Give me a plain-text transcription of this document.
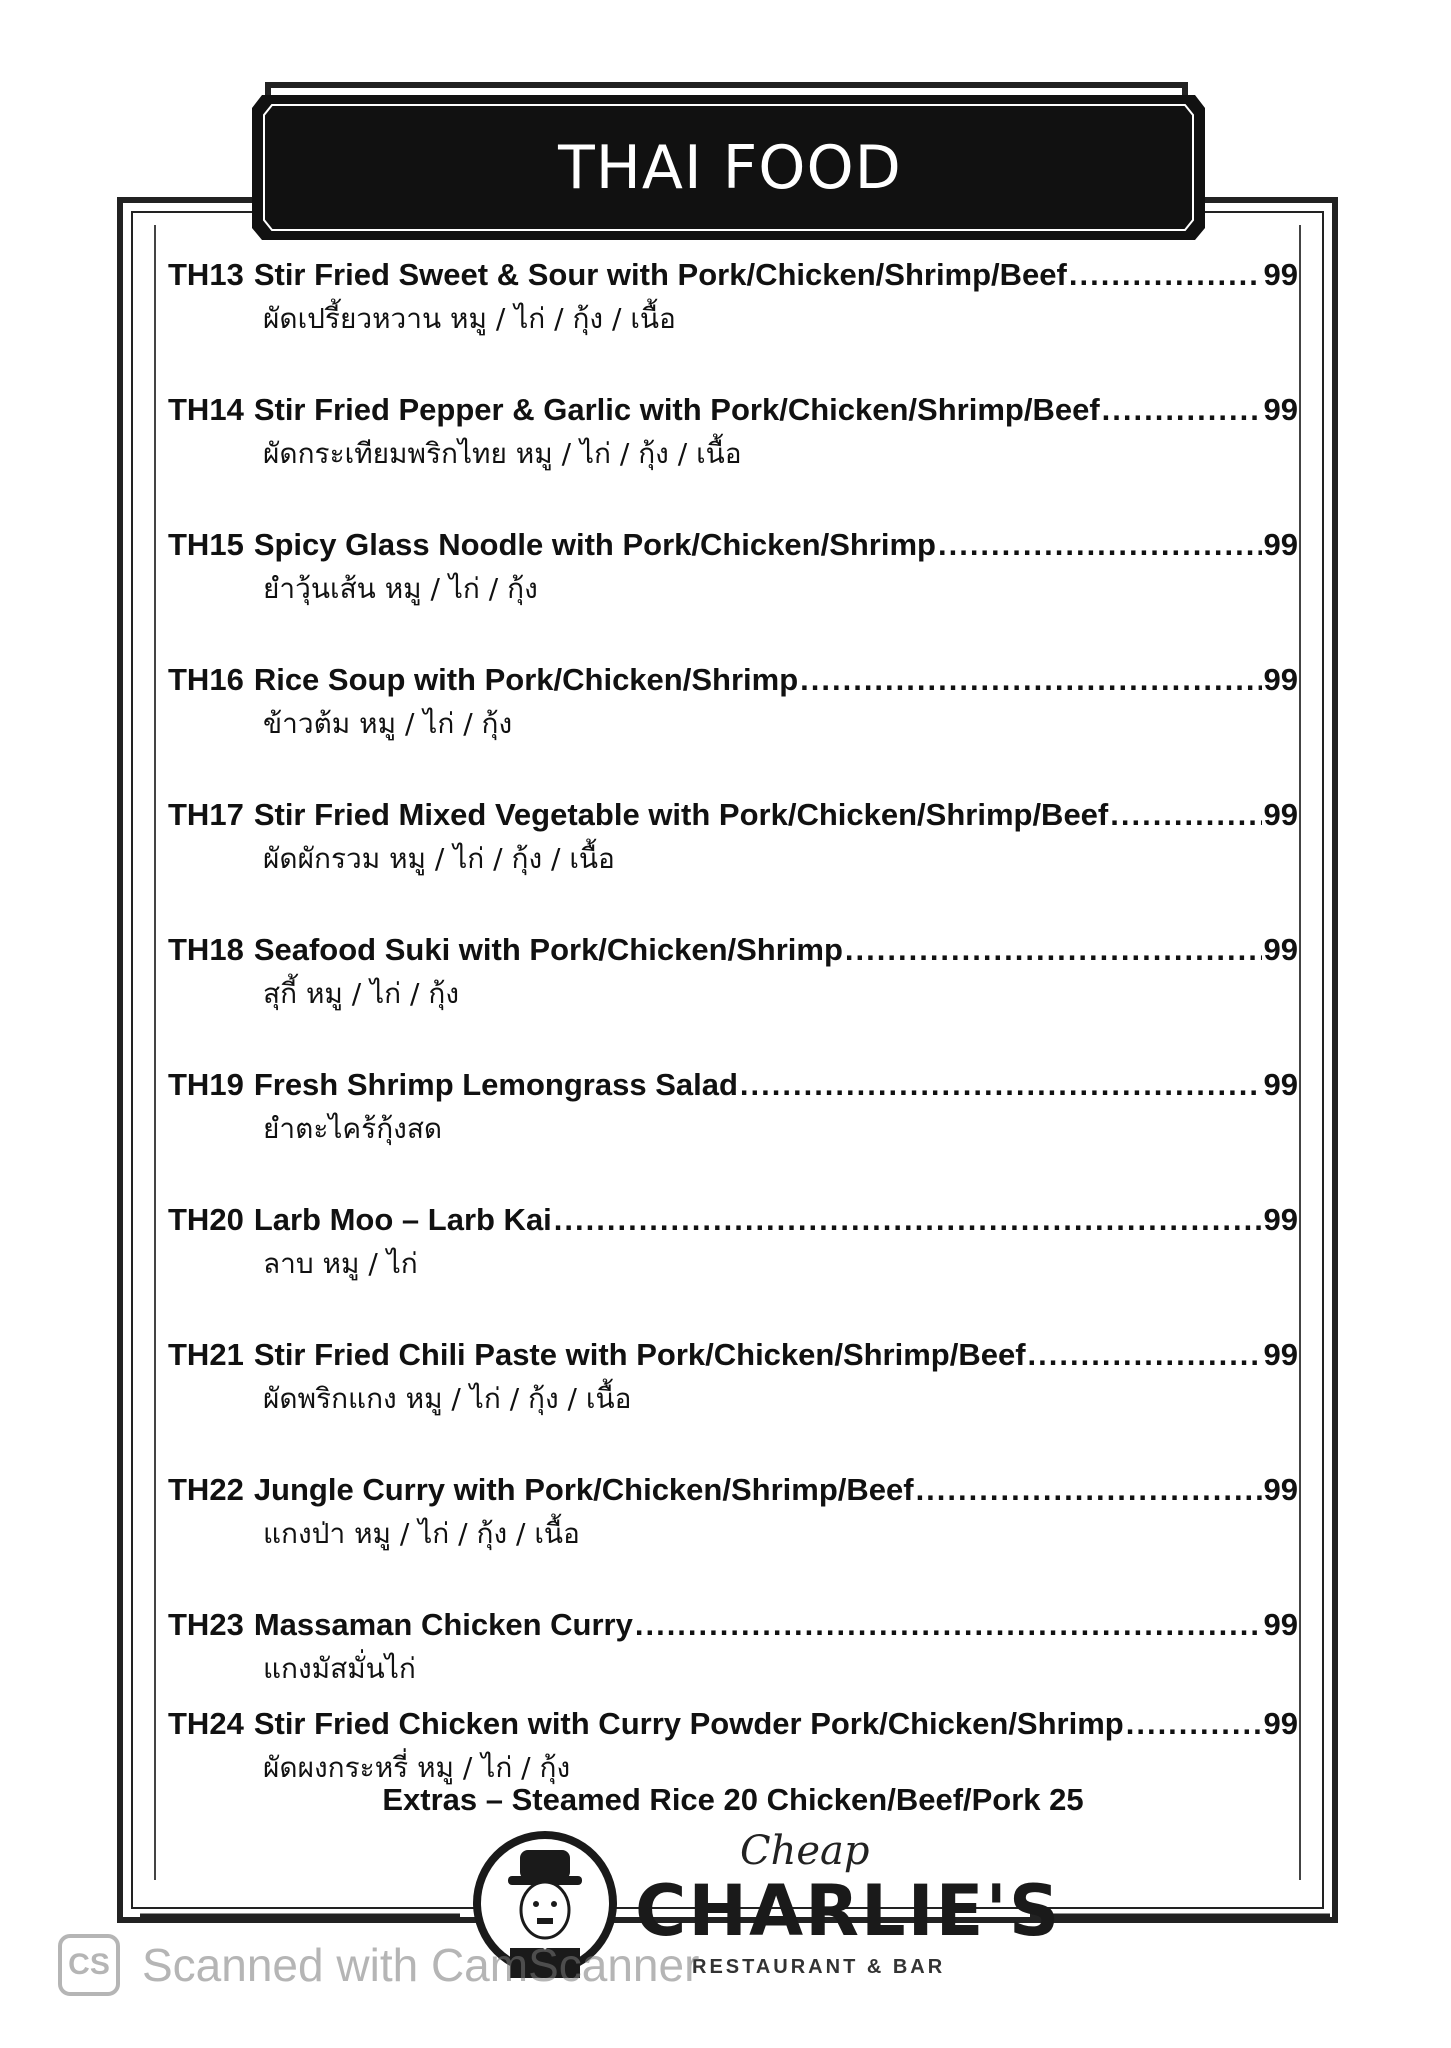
THAI FOOD
TH13 Stir Fried Sweet & Sour with Pork/Chicken/Shrimp/Beef .....	99
ผัดเปรี้ยวหวาน หมู / ไก่ / กุ้ง / เนื้อ
TH14 Stir Fried Pepper & Garlic with Pork/Chicken/Shrimp/Beef .....	99
ผัดกระเทียมพริกไทย หมู / ไก่ / กุ้ง / เนื้อ
TH15 Spicy Glass Noodle with Pork/Chicken/Shrimp .....	99
ยำวุ้นเส้น หมู / ไก่ / กุ้ง
TH16 Rice Soup with Pork/Chicken/Shrimp .....	99
ข้าวต้ม หมู / ไก่ / กุ้ง
TH17 Stir Fried Mixed Vegetable with Pork/Chicken/Shrimp/Beef .....	99
ผัดผักรวม หมู / ไก่ / กุ้ง / เนื้อ
TH18 Seafood Suki with Pork/Chicken/Shrimp .....	99
สุกี้ หมู / ไก่ / กุ้ง
TH19 Fresh Shrimp Lemongrass Salad .....	99
ยำตะไคร้กุ้งสด
TH20 Larb Moo – Larb Kai .....	99
ลาบ หมู / ไก่
TH21 Stir Fried Chili Paste with Pork/Chicken/Shrimp/Beef .....	99
ผัดพริกแกง หมู / ไก่ / กุ้ง / เนื้อ
TH22 Jungle Curry with Pork/Chicken/Shrimp/Beef .....	99
แกงป่า หมู / ไก่ / กุ้ง / เนื้อ
TH23 Massaman Chicken Curry .....	99
แกงมัสมั่นไก่
TH24 Stir Fried Chicken with Curry Powder Pork/Chicken/Shrimp .....	99
ผัดผงกระหรี่ หมู / ไก่ / กุ้ง
Extras – Steamed Rice 20 Chicken/Beef/Pork 25
Cheap
CHARLIE'S
RESTAURANT & BAR
CS Scanned with CamScanner
